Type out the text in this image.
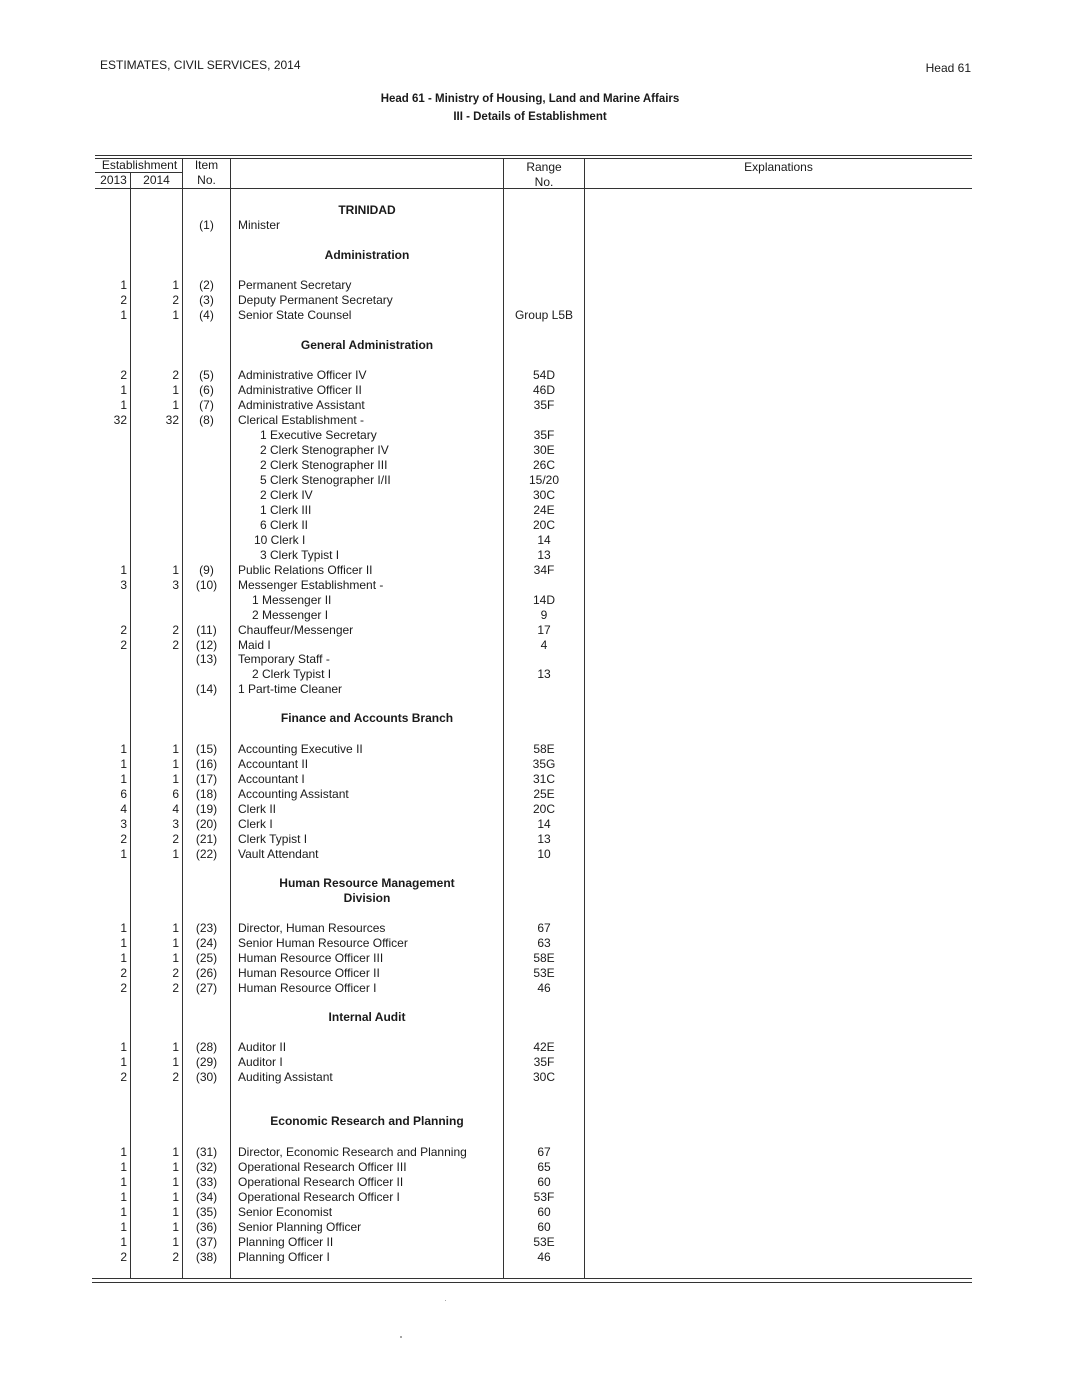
ESTIMATES, CIVIL SERVICES, 2014	Head 61
Head 61 - Ministry of Housing, Land and Marine Affairs
III - Details of Establishment
Establishment
2013	2014
Item
No.
Range
No.
Explanations
TRINIDAD
Administration
General Administration
Finance and Accounts Branch
Human Resource Management
Division
Internal Audit
Economic Research and Planning
(1)	Minister
1	1	(2)	Permanent Secretary
2	2	(3)	Deputy Permanent Secretary
1	1	(4)	Senior State Counsel	Group L5B
2	2	(5)	Administrative Officer IV	54D
1	1	(6)	Administrative Officer II	46D
1	1	(7)	Administrative Assistant	35F
32	32	(8)	Clerical Establishment -
1 Executive Secretary	35F
2 Clerk Stenographer IV	30E
2 Clerk Stenographer III	26C
5 Clerk Stenographer I/II	15/20
2 Clerk IV	30C
1 Clerk III	24E
6 Clerk II	20C
10 Clerk I	14
3 Clerk Typist I	13
1	1	(9)	Public Relations Officer II	34F
3	3	(10)	Messenger Establishment -
1 Messenger II	14D
2 Messenger I	9
2	2	(11)	Chauffeur/Messenger	17
2	2	(12)	Maid I	4
(13)	Temporary Staff -
2 Clerk Typist I	13
(14)	1 Part-time Cleaner
1	1	(15)	Accounting Executive II	58E
1	1	(16)	Accountant II	35G
1	1	(17)	Accountant I	31C
6	6	(18)	Accounting Assistant	25E
4	4	(19)	Clerk II	20C
3	3	(20)	Clerk I	14
2	2	(21)	Clerk Typist I	13
1	1	(22)	Vault Attendant	10
1	1	(23)	Director, Human Resources	67
1	1	(24)	Senior Human Resource Officer	63
1	1	(25)	Human Resource Officer III	58E
2	2	(26)	Human Resource Officer II	53E
2	2	(27)	Human Resource Officer I	46
1	1	(28)	Auditor II	42E
1	1	(29)	Auditor I	35F
2	2	(30)	Auditing Assistant	30C
1	1	(31)	Director, Economic Research and Planning	67
1	1	(32)	Operational Research Officer III	65
1	1	(33)	Operational Research Officer II	60
1	1	(34)	Operational Research Officer I	53F
1	1	(35)	Senior Economist	60
1	1	(36)	Senior Planning Officer	60
1	1	(37)	Planning Officer II	53E
2	2	(38)	Planning Officer I	46
